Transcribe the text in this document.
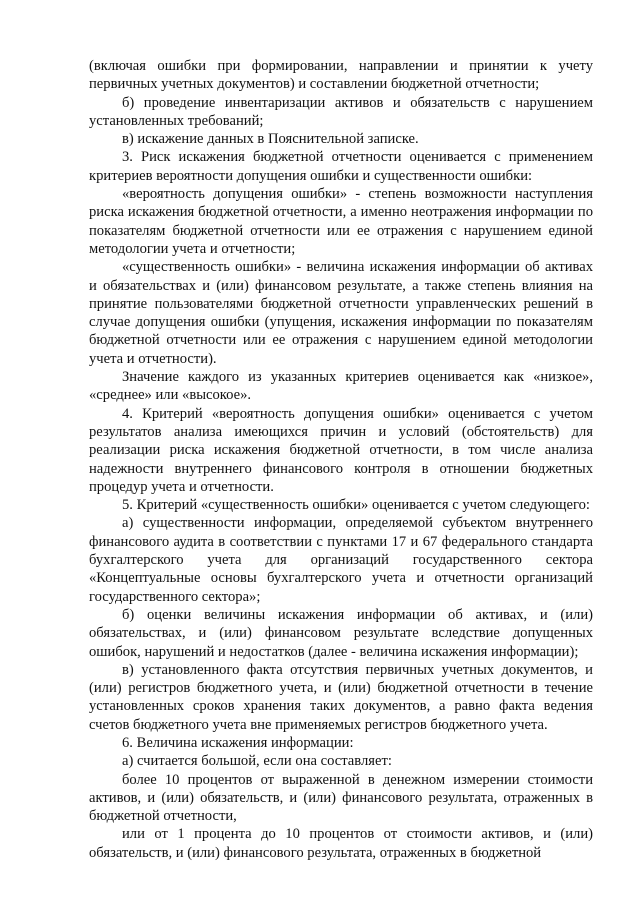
(включая ошибки при формировании, направлении и принятии к учету первичных учетных документов) и составлении бюджетной отчетности;

б) проведение инвентаризации активов и обязательств с нарушением установленных требований;

в) искажение данных в Пояснительной записке.

3. Риск искажения бюджетной отчетности оценивается с применением критериев вероятности допущения ошибки и существенности ошибки:

«вероятность допущения ошибки» - степень возможности наступления риска искажения бюджетной отчетности, а именно неотражения информации по показателям бюджетной отчетности или ее отражения с нарушением единой методологии учета и отчетности;

«существенность ошибки» - величина искажения информации об активах и обязательствах и (или) финансовом результате, а также степень влияния на принятие пользователями бюджетной отчетности управленческих решений в случае допущения ошибки (упущения, искажения информации по показателям бюджетной отчетности или ее отражения с нарушением единой методологии учета и отчетности).

Значение каждого из указанных критериев оценивается как «низкое», «среднее» или «высокое».

4. Критерий «вероятность допущения ошибки» оценивается с учетом результатов анализа имеющихся причин и условий (обстоятельств) для реализации риска искажения бюджетной отчетности, в том числе анализа надежности внутреннего финансового контроля в отношении бюджетных процедур учета и отчетности.

5. Критерий «существенность ошибки» оценивается с учетом следующего:

а) существенности информации, определяемой субъектом внутреннего финансового аудита в соответствии с пунктами 17 и 67 федерального стандарта бухгалтерского учета для организаций государственного сектора «Концептуальные основы бухгалтерского учета и отчетности организаций государственного сектора»;

б) оценки величины искажения информации об активах, и (или) обязательствах, и (или) финансовом результате вследствие допущенных ошибок, нарушений и недостатков (далее - величина искажения информации);

в) установленного факта отсутствия первичных учетных документов, и (или) регистров бюджетного учета, и (или) бюджетной отчетности в течение установленных сроков хранения таких документов, а равно факта ведения счетов бюджетного учета вне применяемых регистров бюджетного учета.

6. Величина искажения информации:

а) считается большой, если она составляет:

более 10 процентов от выраженной в денежном измерении стоимости активов, и (или) обязательств, и (или) финансового результата, отраженных в бюджетной отчетности,

или от 1 процента до 10 процентов от стоимости активов, и (или) обязательств, и (или) финансового результата, отраженных в бюджетной
